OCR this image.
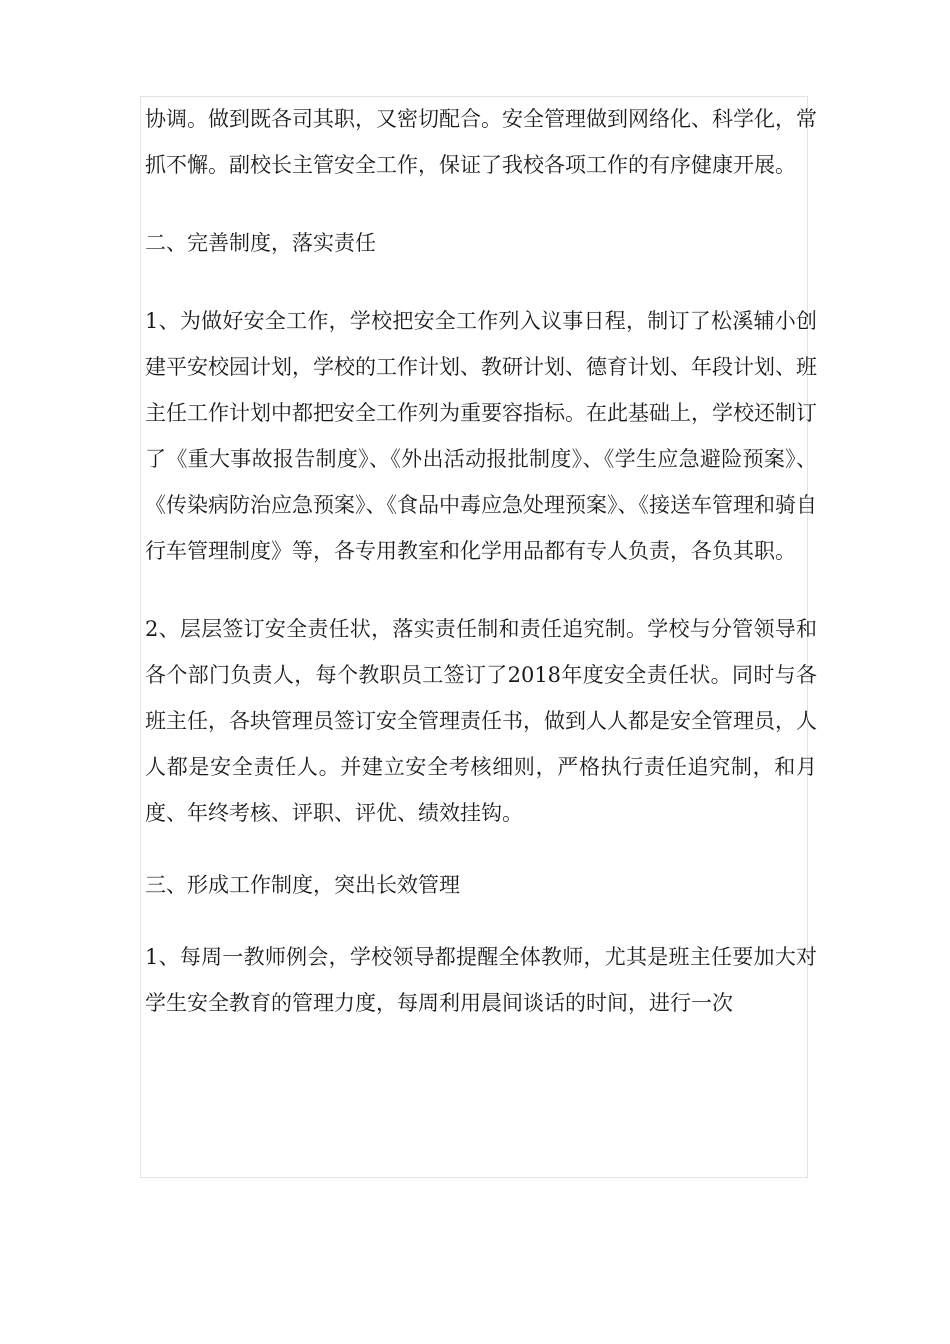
协调。做到既各司其职，又密切配合。安全管理做到网络化、科学化，常抓不懈。副校长主管安全工作，保证了我校各项工作的有序健康开展。

二、完善制度，落实责任

1、为做好安全工作，学校把安全工作列入议事日程，制订了松溪辅小创建平安校园计划，学校的工作计划、教研计划、德育计划、年段计划、班主任工作计划中都把安全工作列为重要容指标。在此基础上，学校还制订了《重大事故报告制度》、《外出活动报批制度》、《学生应急避险预案》、《传染病防治应急预案》、《食品中毒应急处理预案》、《接送车管理和骑自行车管理制度》等，各专用教室和化学用品都有专人负责，各负其职。

2、层层签订安全责任状，落实责任制和责任追究制。学校与分管领导和各个部门负责人，每个教职员工签订了2018年度安全责任状。同时与各班主任，各块管理员签订安全管理责任书，做到人人都是安全管理员，人人都是安全责任人。并建立安全考核细则，严格执行责任追究制，和月度、年终考核、评职、评优、绩效挂钩。

三、形成工作制度，突出长效管理

1、每周一教师例会，学校领导都提醒全体教师，尤其是班主任要加大对学生安全教育的管理力度，每周利用晨间谈话的时间，进行一次
